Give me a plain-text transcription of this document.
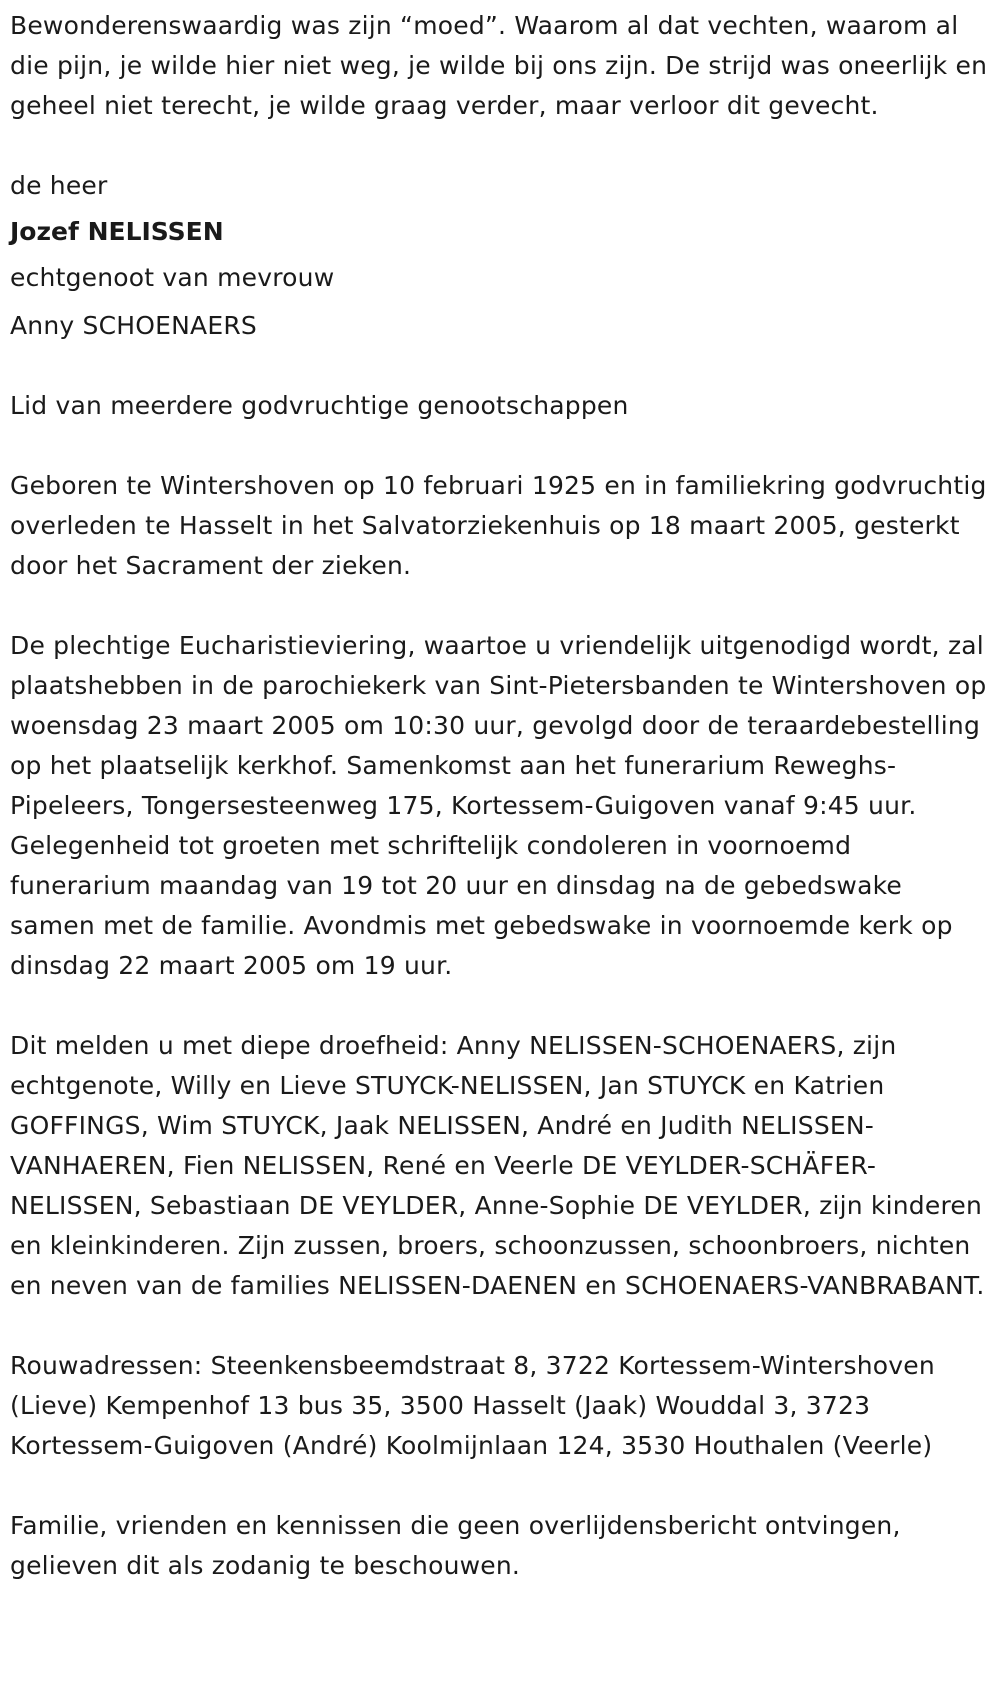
Bewonderenswaardig was zijn “moed”. Waarom al dat vechten, waarom al die pijn, je wilde hier niet weg, je wilde bij ons zijn. De strijd was oneerlijk en geheel niet terecht, je wilde graag verder, maar verloor dit gevecht.

de heer

Jozef NELISSEN

echtgenoot van mevrouw

Anny SCHOENAERS

Lid van meerdere godvruchtige genootschappen

Geboren te Wintershoven op 10 februari 1925 en in familiekring godvruchtig overleden te Hasselt in het Salvatorziekenhuis op 18 maart 2005, gesterkt door het Sacrament der zieken.

De plechtige Eucharistieviering, waartoe u vriendelijk uitgenodigd wordt, zal plaatshebben in de parochiekerk van Sint-Pietersbanden te Wintershoven op woensdag 23 maart 2005 om 10:30 uur, gevolgd door de teraardebestelling op het plaatselijk kerkhof. Samenkomst aan het funerarium Reweghs-Pipeleers, Tongersesteenweg 175, Kortessem-Guigoven vanaf 9:45 uur. Gelegenheid tot groeten met schriftelijk condoleren in voornoemd funerarium maandag van 19 tot 20 uur en dinsdag na de gebedswake samen met de familie. Avondmis met gebedswake in voornoemde kerk op dinsdag 22 maart 2005 om 19 uur.

Dit melden u met diepe droefheid: Anny NELISSEN-SCHOENAERS, zijn echtgenote, Willy en Lieve STUYCK-NELISSEN, Jan STUYCK en Katrien GOFFINGS, Wim STUYCK, Jaak NELISSEN, André en Judith NELISSEN-VANHAEREN, Fien NELISSEN, René en Veerle DE VEYLDER-SCHÄFER-NELISSEN, Sebastiaan DE VEYLDER, Anne-Sophie DE VEYLDER, zijn kinderen en kleinkinderen. Zijn zussen, broers, schoonzussen, schoonbroers, nichten en neven van de families NELISSEN-DAENEN en SCHOENAERS-VANBRABANT.

Rouwadressen: Steenkensbeemdstraat 8, 3722 Kortessem-Wintershoven (Lieve) Kempenhof 13 bus 35, 3500 Hasselt (Jaak) Wouddal 3, 3723 Kortessem-Guigoven (André) Koolmijnlaan 124, 3530 Houthalen (Veerle)

Familie, vrienden en kennissen die geen overlijdensbericht ontvingen, gelieven dit als zodanig te beschouwen.
